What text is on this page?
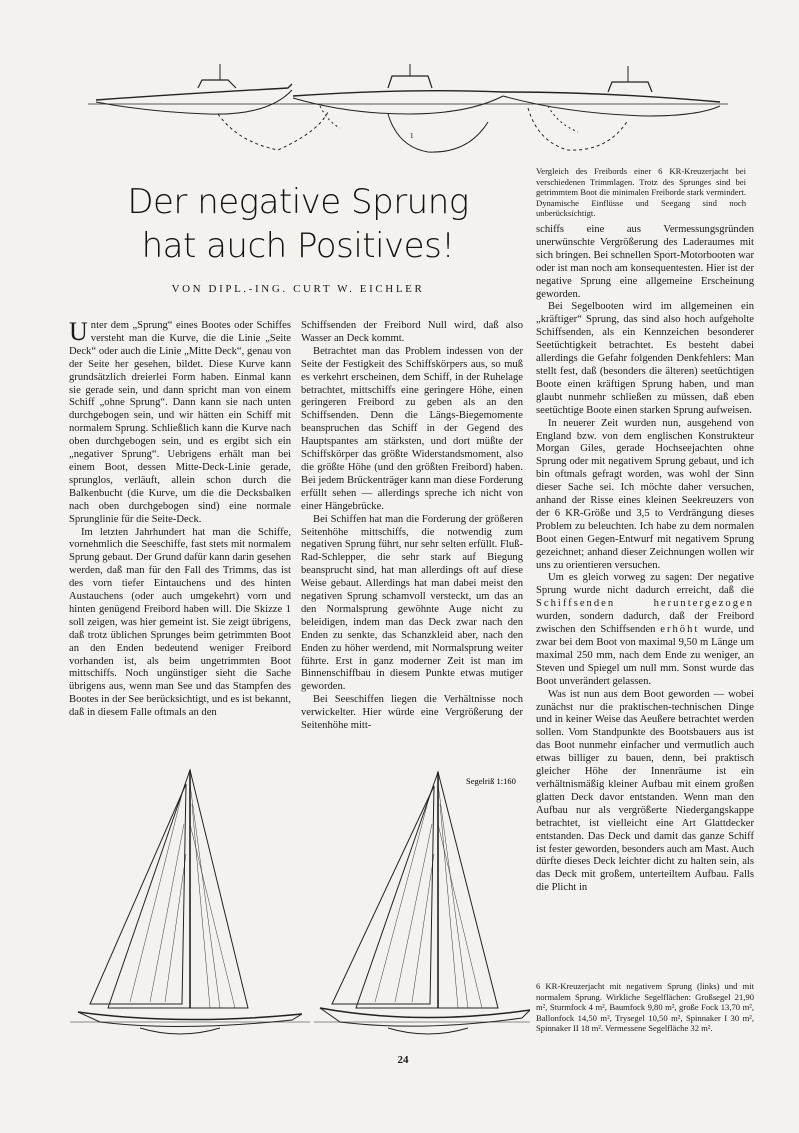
1
Vergleich des Freibords einer 6 KR-Kreuzerjacht bei verschiedenen Trimmlagen. Trotz des Sprunges sind bei getrimmtem Boot die minimalen Freiborde stark vermindert. Dynamische Einflüsse und Seegang sind noch unberücksichtigt.
Der negative Sprung
hat auch Positives!
VON DIPL.-ING. CURT W. EICHLER

Unter dem „Sprung“ eines Bootes oder Schiffes versteht man die Kurve, die die Linie „Seite Deck“ oder auch die Linie „Mitte Deck“, genau von der Seite her gesehen, bildet. Diese Kurve kann grundsätzlich dreierlei Form haben. Einmal kann sie gerade sein, und dann spricht man von einem Schiff „ohne Sprung“. Dann kann sie nach unten durchgebogen sein, und wir hätten ein Schiff mit normalem Sprung. Schließlich kann die Kurve nach oben durchgebogen sein, und es ergibt sich ein „negativer Sprung“. Uebrigens erhält man bei einem Boot, dessen Mitte-Deck-Linie gerade, sprunglos, verläuft, allein schon durch die Balkenbucht (die Kurve, um die die Decksbalken nach oben durchgebogen sind) eine normale Sprunglinie für die Seite-Deck.

Im letzten Jahrhundert hat man die Schiffe, vornehmlich die Seeschiffe, fast stets mit normalem Sprung gebaut. Der Grund dafür kann darin gesehen werden, daß man für den Fall des Trimms, das ist des vorn tiefer Eintauchens und des hinten Austauchens (oder auch umgekehrt) vorn und hinten genügend Freibord haben will. Die Skizze 1 soll zeigen, was hier gemeint ist. Sie zeigt übrigens, daß trotz üblichen Sprunges beim getrimmten Boot an den Enden bedeutend weniger Freibord vorhanden ist, als beim ungetrimmten Boot mittschiffs. Noch ungünstiger sieht die Sache übrigens aus, wenn man See und das Stampfen des Bootes in der See berücksichtigt, und es ist bekannt, daß in diesem Falle oftmals an den

Schiffsenden der Freibord Null wird, daß also Wasser an Deck kommt.

Betrachtet man das Problem indessen von der Seite der Festigkeit des Schiffskörpers aus, so muß es verkehrt erscheinen, dem Schiff, in der Ruhelage betrachtet, mittschiffs eine geringere Höhe, einen geringeren Freibord zu geben als an den Schiffsenden. Denn die Längs-Biegemomente beanspruchen das Schiff in der Gegend des Hauptspantes am stärksten, und dort müßte der Schiffskörper das größte Widerstandsmoment, also die größte Höhe (und den größten Freibord) haben. Bei jedem Brückenträger kann man diese Forderung erfüllt sehen — allerdings spreche ich nicht von einer Hängebrücke.

Bei Schiffen hat man die Forderung der größeren Seitenhöhe mittschiffs, die notwendig zum negativen Sprung führt, nur sehr selten erfüllt. Fluß-Rad-Schlepper, die sehr stark auf Biegung beansprucht sind, hat man allerdings oft auf diese Weise gebaut. Allerdings hat man dabei meist den negativen Sprung schamvoll versteckt, um das an den Normalsprung gewöhnte Auge nicht zu beleidigen, indem man das Deck zwar nach den Enden zu senkte, das Schanzkleid aber, nach den Enden zu höher werdend, mit Normalsprung weiter führte. Erst in ganz moderner Zeit ist man im Binnenschiffbau in diesem Punkte etwas mutiger geworden.

Bei Seeschiffen liegen die Verhältnisse noch verwickelter. Hier würde eine Vergrößerung der Seitenhöhe mitt-

schiffs eine aus Vermessungsgründen unerwünschte Vergrößerung des Laderaumes mit sich bringen. Bei schnellen Sport-Motorbooten war oder ist man noch am konsequentesten. Hier ist der negative Sprung eine allgemeine Erscheinung geworden.

Bei Segelbooten wird im allgemeinen ein „kräftiger“ Sprung, das sind also hoch aufgeholte Schiffsenden, als ein Kennzeichen besonderer Seetüchtigkeit betrachtet. Es besteht dabei allerdings die Gefahr folgenden Denkfehlers: Man stellt fest, daß (besonders die älteren) seetüchtigen Boote einen kräftigen Sprung haben, und man glaubt nunmehr schließen zu müssen, daß eben seetüchtige Boote einen starken Sprung aufweisen.

In neuerer Zeit wurden nun, ausgehend von England bzw. von dem englischen Konstrukteur Morgan Giles, gerade Hochseejachten ohne Sprung oder mit negativem Sprung gebaut, und ich bin oftmals gefragt worden, was wohl der Sinn dieser Sache sei. Ich möchte daher versuchen, anhand der Risse eines kleinen Seekreuzers von der 6 KR-Größe und 3,5 to Verdrängung dieses Problem zu beleuchten. Ich habe zu dem normalen Boot einen Gegen-Entwurf mit negativem Sprung gezeichnet; anhand dieser Zeichnungen wollen wir uns zu orientieren versuchen.

Um es gleich vorweg zu sagen: Der negative Sprung wurde nicht dadurch erreicht, daß die Schiffsenden heruntergezogen wurden, sondern dadurch, daß der Freibord zwischen den Schiffsenden erhöht wurde, und zwar bei dem Boot von maximal 9,50 m Länge um maximal 250 mm, nach dem Ende zu weniger, an Steven und Spiegel um null mm. Sonst wurde das Boot unverändert gelassen.

Was ist nun aus dem Boot geworden — wobei zunächst nur die praktischen-technischen Dinge und in keiner Weise das Aeußere betrachtet werden sollen. Vom Standpunkte des Bootsbauers aus ist das Boot nunmehr einfacher und vermutlich auch etwas billiger zu bauen, denn, bei praktisch gleicher Höhe der Innenräume ist ein verhältnismäßig kleiner Aufbau mit einem großen glatten Deck davor entstanden. Wenn man den Aufbau nur als vergrößerte Niedergangskappe betrachtet, ist vielleicht eine Art Glattdecker entstanden. Das Deck und damit das ganze Schiff ist fester geworden, besonders auch am Mast. Auch dürfte dieses Deck leichter dicht zu halten sein, als das Deck mit großem, unterteiltem Aufbau. Falls die Plicht in

Segelriß 1:160
6 KR-Kreuzerjacht mit negativem Sprung (links) und mit normalem Sprung. Wirkliche Segelflächen: Großsegel 21,90 m², Sturmfock 4 m², Baumfock 9,80 m², große Fock 13,70 m², Ballonfock 14,50 m², Trysegel 10,50 m², Spinnaker I 30 m², Spinnaker II 18 m². Vermessene Segelfläche 32 m².
24
